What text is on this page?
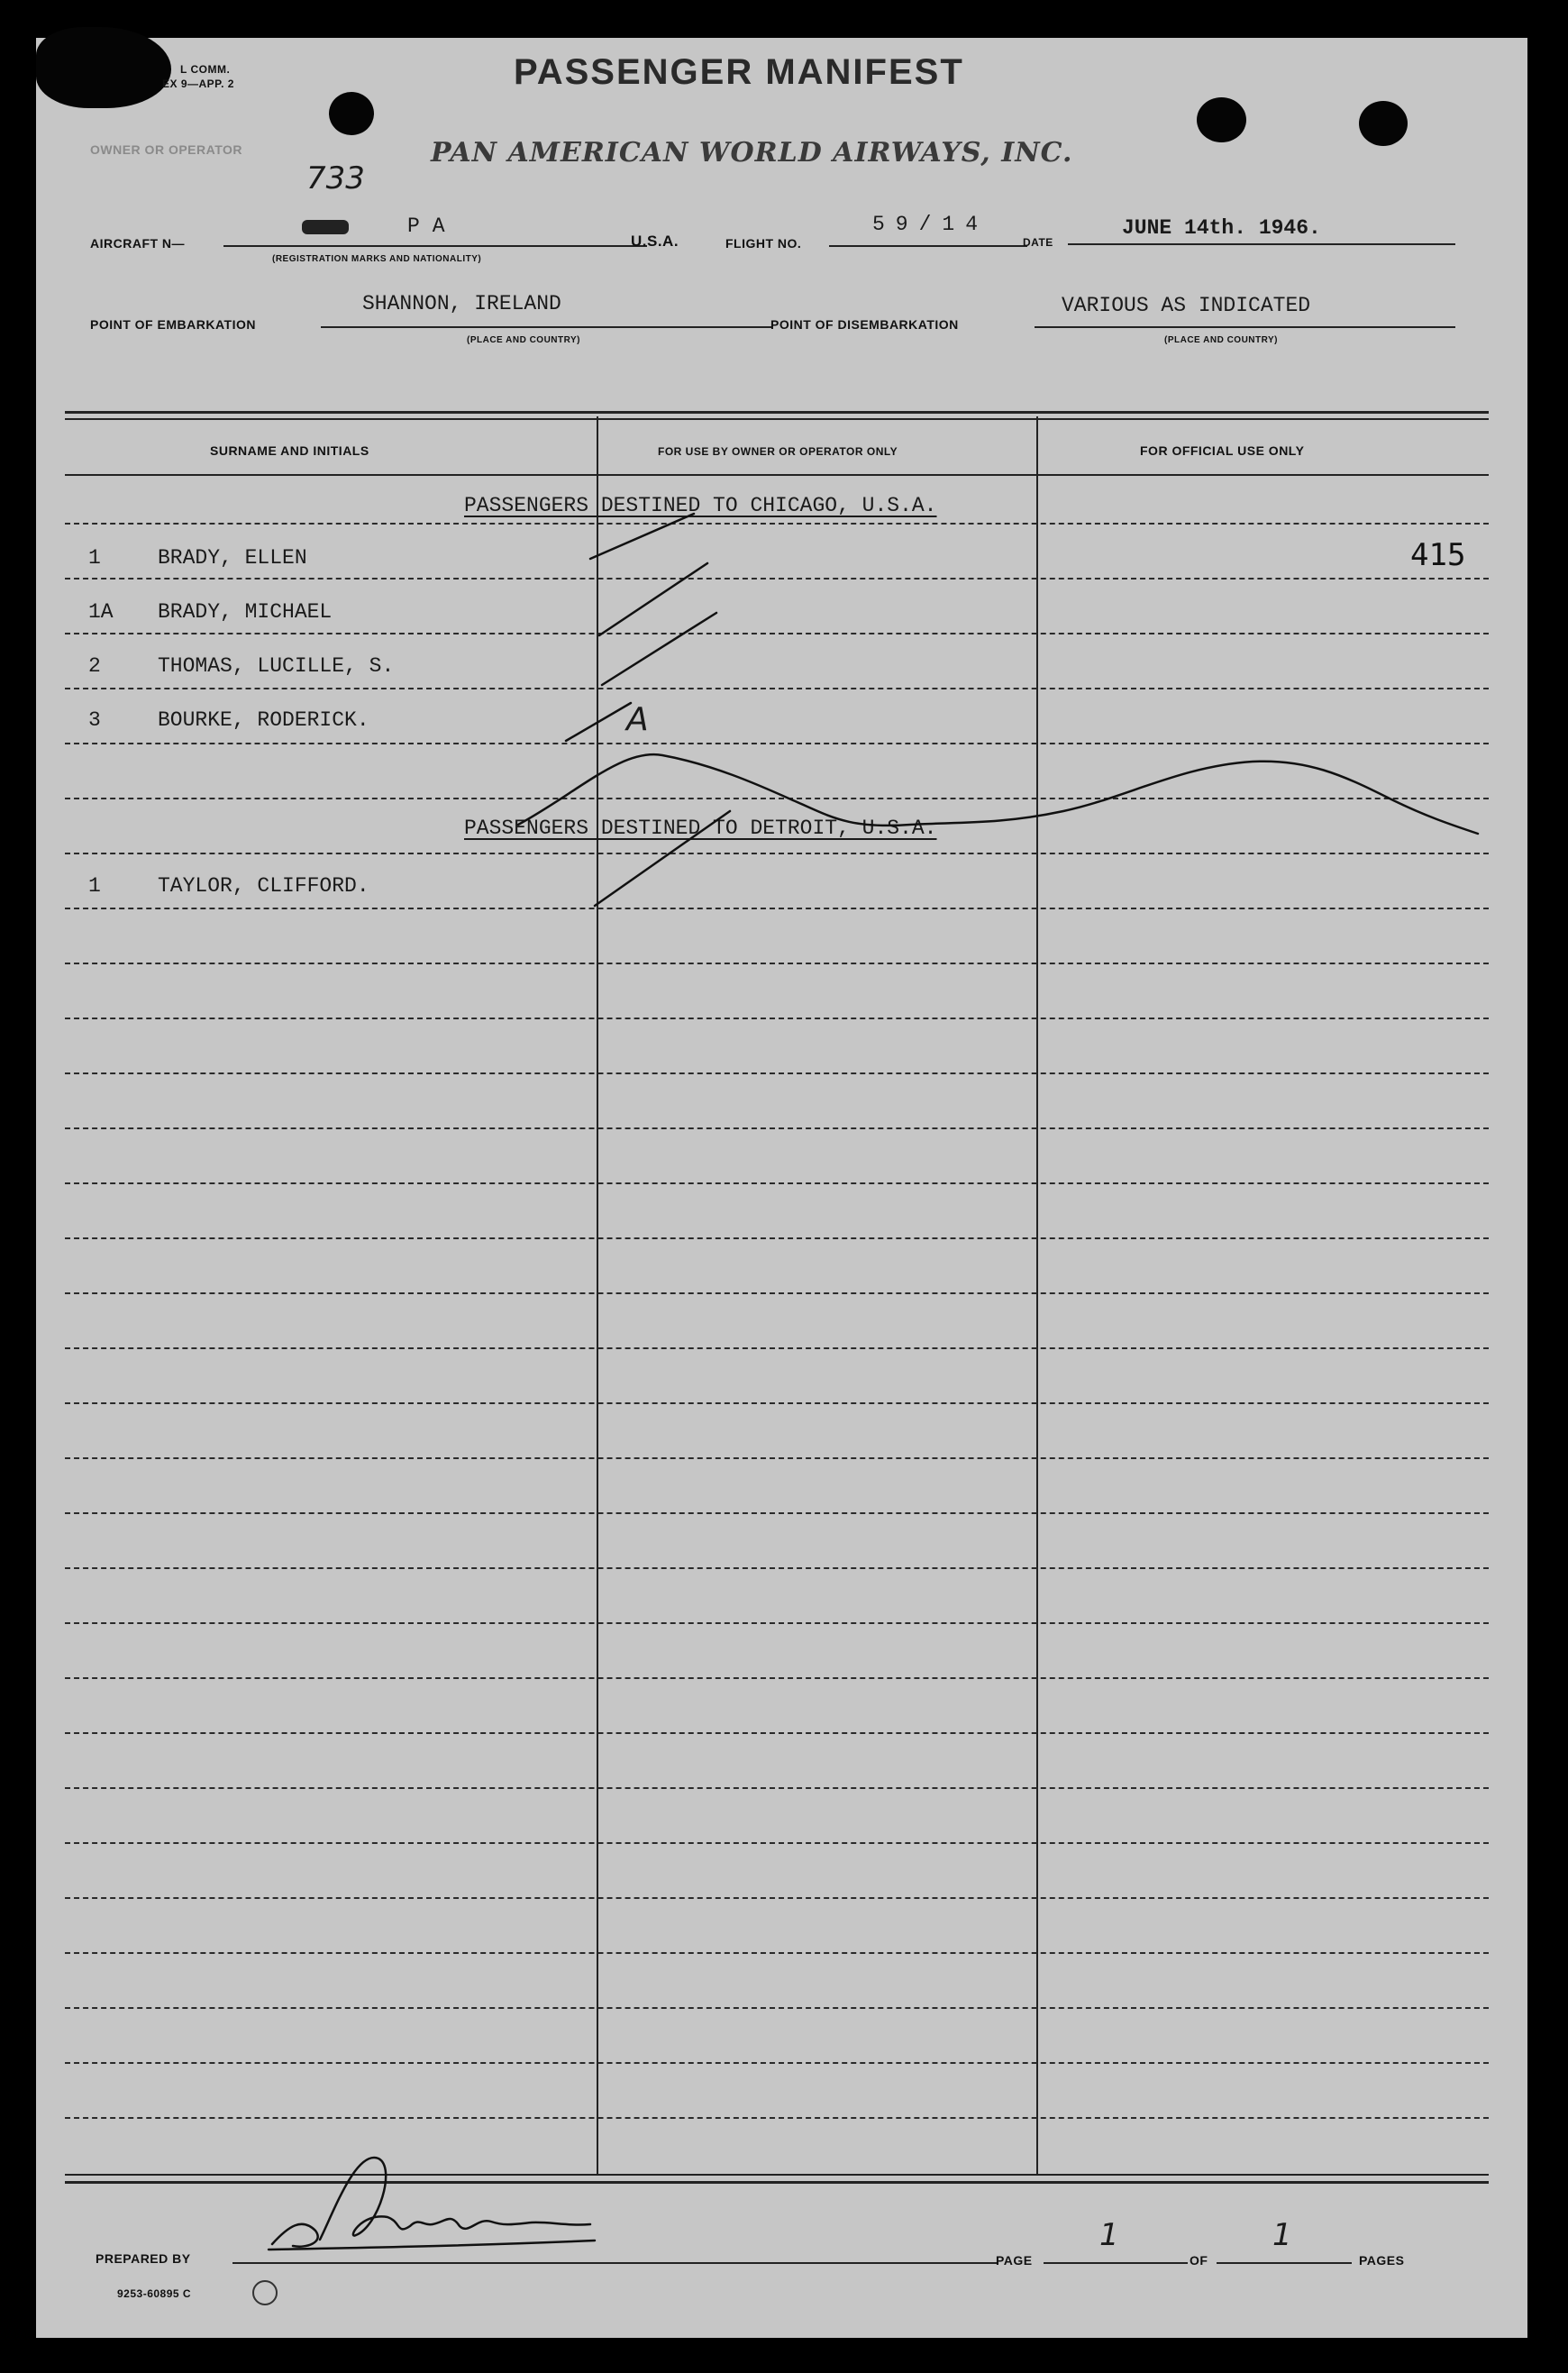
L COMM.
EX 9—APP. 2	PASSENGER MANIFEST
OWNER OR OPERATOR	PAN AMERICAN WORLD AIRWAYS, INC.
AIRCRAFT N—
733
PA
(REGISTRATION MARKS AND NATIONALITY)
U.S.A.	FLIGHT NO.
59/14
DATE
JUNE 14th. 1946.
POINT OF EMBARKATION
SHANNON, IRELAND
(PLACE AND COUNTRY)
POINT OF DISEMBARKATION
VARIOUS AS INDICATED
(PLACE AND COUNTRY)
SURNAME AND INITIALS	FOR USE BY OWNER OR OPERATOR ONLY	FOR OFFICIAL USE ONLY
PASSENGERS DESTINED TO CHICAGO, U.S.A.
1	BRADY, ELLEN	415
1A BRADY, MICHAEL
2	THOMAS, LUCILLE, S.
3	BOURKE, RODERICK.	A
PASSENGERS DESTINED TO DETROIT, U.S.A.
1	TAYLOR, CLIFFORD.
PREPARED BY	PAGE
1
OF
1
PAGES
9253-60895 C
